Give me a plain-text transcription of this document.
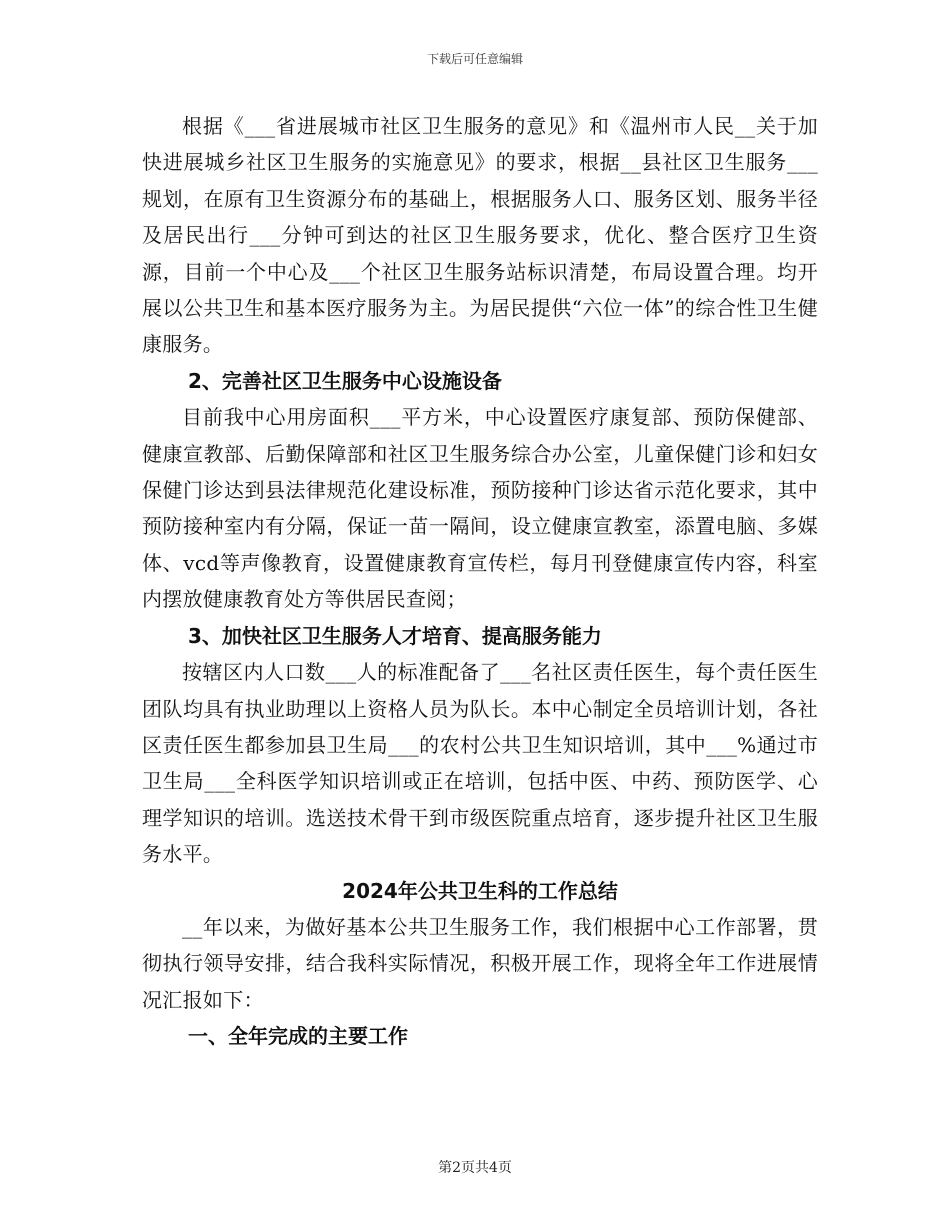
下载后可任意编辑

根据《___省进展城市社区卫生服务的意见》和《温州市人民__关于加快进展城乡社区卫生服务的实施意见》的要求，根据__县社区卫生服务___规划，在原有卫生资源分布的基础上，根据服务人口、服务区划、服务半径及居民出行___分钟可到达的社区卫生服务要求，优化、整合医疗卫生资源，目前一个中心及___个社区卫生服务站标识清楚，布局设置合理。均开展以公共卫生和基本医疗服务为主。为居民提供“六位一体”的综合性卫生健康服务。

2、完善社区卫生服务中心设施设备

目前我中心用房面积___平方米，中心设置医疗康复部、预防保健部、健康宣教部、后勤保障部和社区卫生服务综合办公室，儿童保健门诊和妇女保健门诊达到县法律规范化建设标准，预防接种门诊达省示范化要求，其中预防接种室内有分隔，保证一苗一隔间，设立健康宣教室，添置电脑、多媒体、vcd等声像教育，设置健康教育宣传栏，每月刊登健康宣传内容，科室内摆放健康教育处方等供居民查阅；

3、加快社区卫生服务人才培育、提高服务能力

按辖区内人口数___人的标准配备了___名社区责任医生，每个责任医生团队均具有执业助理以上资格人员为队长。本中心制定全员培训计划，各社区责任医生都参加县卫生局___的农村公共卫生知识培训，其中___%通过市卫生局___全科医学知识培训或正在培训，包括中医、中药、预防医学、心理学知识的培训。选送技术骨干到市级医院重点培育，逐步提升社区卫生服务水平。

2024年公共卫生科的工作总结

__年以来，为做好基本公共卫生服务工作，我们根据中心工作部署，贯彻执行领导安排，结合我科实际情况，积极开展工作，现将全年工作进展情况汇报如下：

一、全年完成的主要工作

第2页共4页
